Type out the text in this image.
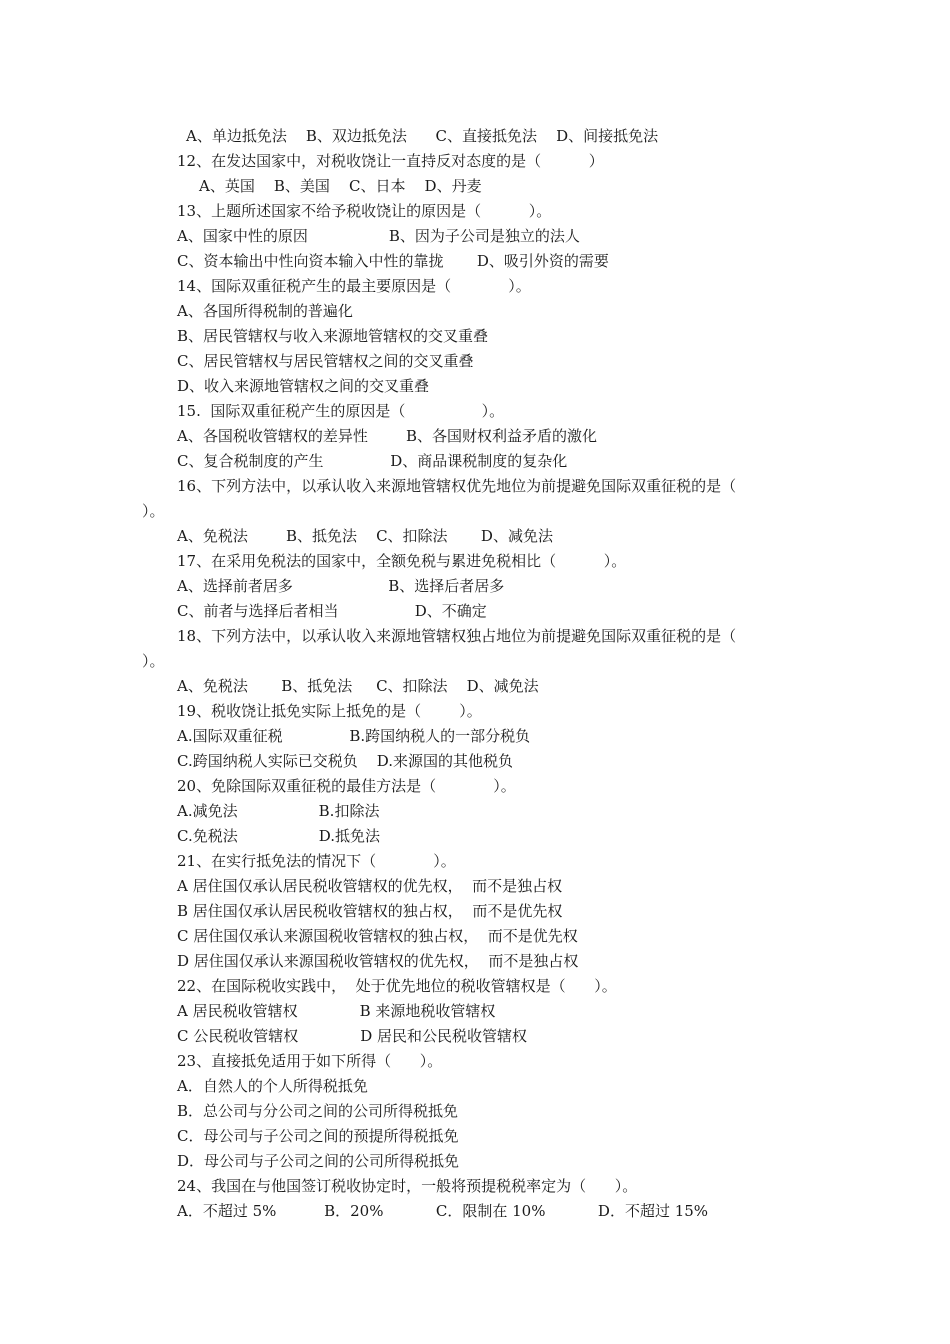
A、单边抵免法    B、双边抵免法      C、直接抵免法    D、间接抵免法
12、在发达国家中，对税收饶让一直持反对态度的是（          ）
A、英国    B、美国    C、日本    D、丹麦
13、上题所述国家不给予税收饶让的原因是（          ）。
A、国家中性的原因                 B、因为子公司是独立的法人
C、资本输出中性向资本输入中性的靠拢       D、吸引外资的需要
14、国际双重征税产生的最主要原因是（            ）。
A、各国所得税制的普遍化
B、居民管辖权与收入来源地管辖权的交叉重叠
C、居民管辖权与居民管辖权之间的交叉重叠
D、收入来源地管辖权之间的交叉重叠
15.  国际双重征税产生的原因是（                ）。
A、各国税收管辖权的差异性        B、各国财权利益矛盾的激化
C、复合税制度的产生              D、商品课税制度的复杂化
16、下列方法中，以承认收入来源地管辖权优先地位为前提避免国际双重征税的是（
）。
A、免税法        B、抵免法    C、扣除法       D、减免法
17、在采用免税法的国家中，全额免税与累进免税相比（          ）。
A、选择前者居多                    B、选择后者居多
C、前者与选择后者相当                D、不确定
18、下列方法中，以承认收入来源地管辖权独占地位为前提避免国际双重征税的是（
）。
A、免税法       B、抵免法     C、扣除法    D、减免法
19、税收饶让抵免实际上抵免的是（        ）。
A.国际双重征税              B.跨国纳税人的一部分税负
C.跨国纳税人实际已交税负    D.来源国的其他税负
20、免除国际双重征税的最佳方法是（            ）。
A.减免法                 B.扣除法
C.免税法                 D.抵免法
21、在实行抵免法的情况下（            ）。
A 居住国仅承认居民税收管辖权的优先权，  而不是独占权
B 居住国仅承认居民税收管辖权的独占权，  而不是优先权
C 居住国仅承认来源国税收管辖权的独占权，  而不是优先权
D 居住国仅承认来源国税收管辖权的优先权，  而不是独占权
22、在国际税收实践中，  处于优先地位的税收管辖权是（      ）。
A 居民税收管辖权             B 来源地税收管辖权
C 公民税收管辖权             D 居民和公民税收管辖权
23、直接抵免适用于如下所得（      ）。
A．自然人的个人所得税抵免
B．总公司与分公司之间的公司所得税抵免
C．母公司与子公司之间的预提所得税抵免
D．母公司与子公司之间的公司所得税抵免
24、我国在与他国签订税收协定时，一般将预提税税率定为（      ）。
A．不超过 5%          B．20%           C．限制在 10%           D．不超过 15%
